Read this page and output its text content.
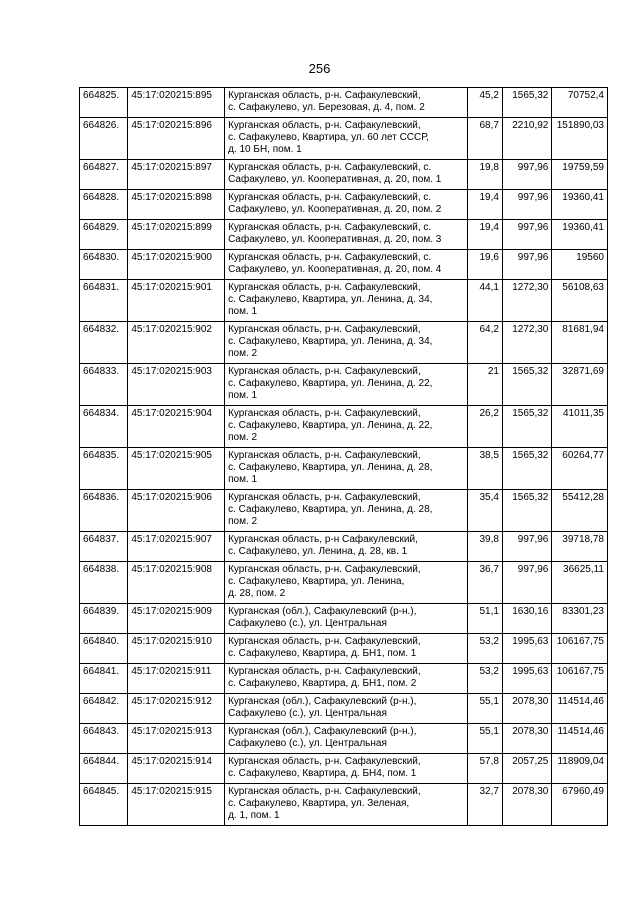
256
664825.	45:17:020215:895	Курганская область, р-н. Сафакулевский,
с. Сафакулево, ул. Березовая, д. 4, пом. 2	45,2	1565,32	70752,4
664826.	45:17:020215:896	Курганская область, р-н. Сафакулевский,
с. Сафакулево, Квартира, ул. 60 лет СССР,
д. 10 БН, пом. 1	68,7	2210,92	151890,03
664827.	45:17:020215:897	Курганская область, р-н. Сафакулевский, с.
Сафакулево, ул. Кооперативная, д. 20, пом. 1	19,8	997,96	19759,59
664828.	45:17:020215:898	Курганская область, р-н. Сафакулевский, с.
Сафакулево, ул. Кооперативная, д. 20, пом. 2	19,4	997,96	19360,41
664829.	45:17:020215:899	Курганская область, р-н. Сафакулевский, с.
Сафакулево, ул. Кооперативная, д. 20, пом. 3	19,4	997,96	19360,41
664830.	45:17:020215:900	Курганская область, р-н. Сафакулевский, с.
Сафакулево, ул. Кооперативная, д. 20, пом. 4	19,6	997,96	19560
664831.	45:17:020215:901	Курганская область, р-н. Сафакулевский,
с. Сафакулево, Квартира, ул. Ленина, д. 34,
пом. 1	44,1	1272,30	56108,63
664832.	45:17:020215:902	Курганская область, р-н. Сафакулевский,
с. Сафакулево, Квартира, ул. Ленина, д. 34,
пом. 2	64,2	1272,30	81681,94
664833.	45:17:020215:903	Курганская область, р-н. Сафакулевский,
с. Сафакулево, Квартира, ул. Ленина, д. 22,
пом. 1	21	1565,32	32871,69
664834.	45:17:020215:904	Курганская область, р-н. Сафакулевский,
с. Сафакулево, Квартира, ул. Ленина, д. 22,
пом. 2	26,2	1565,32	41011,35
664835.	45:17:020215:905	Курганская область, р-н. Сафакулевский,
с. Сафакулево, Квартира, ул. Ленина, д. 28,
пом. 1	38,5	1565,32	60264,77
664836.	45:17:020215:906	Курганская область, р-н. Сафакулевский,
с. Сафакулево, Квартира, ул. Ленина, д. 28,
пом. 2	35,4	1565,32	55412,28
664837.	45:17:020215:907	Курганская область, р-н Сафакулевский,
с. Сафакулево, ул. Ленина, д. 28, кв. 1	39,8	997,96	39718,78
664838.	45:17:020215:908	Курганская область, р-н. Сафакулевский,
с. Сафакулево, Квартира, ул. Ленина,
д. 28, пом. 2	36,7	997,96	36625,11
664839.	45:17:020215:909	Курганская (обл.), Сафакулевский (р-н.),
Сафакулево (с.), ул. Центральная	51,1	1630,16	83301,23
664840.	45:17:020215:910	Курганская область, р-н. Сафакулевский,
с. Сафакулево, Квартира, д. БН1, пом. 1	53,2	1995,63	106167,75
664841.	45:17:020215:911	Курганская область, р-н. Сафакулевский,
с. Сафакулево, Квартира, д. БН1, пом. 2	53,2	1995,63	106167,75
664842.	45:17:020215:912	Курганская (обл.), Сафакулевский (р-н.),
Сафакулево (с.), ул. Центральная	55,1	2078,30	114514,46
664843.	45:17:020215:913	Курганская (обл.), Сафакулевский (р-н.),
Сафакулево (с.), ул. Центральная	55,1	2078,30	114514,46
664844.	45:17:020215:914	Курганская область, р-н. Сафакулевский,
с. Сафакулево, Квартира, д. БН4, пом. 1	57,8	2057,25	118909,04
664845.	45:17:020215:915	Курганская область, р-н. Сафакулевский,
с. Сафакулево, Квартира, ул. Зеленая,
д. 1, пом. 1	32,7	2078,30	67960,49
